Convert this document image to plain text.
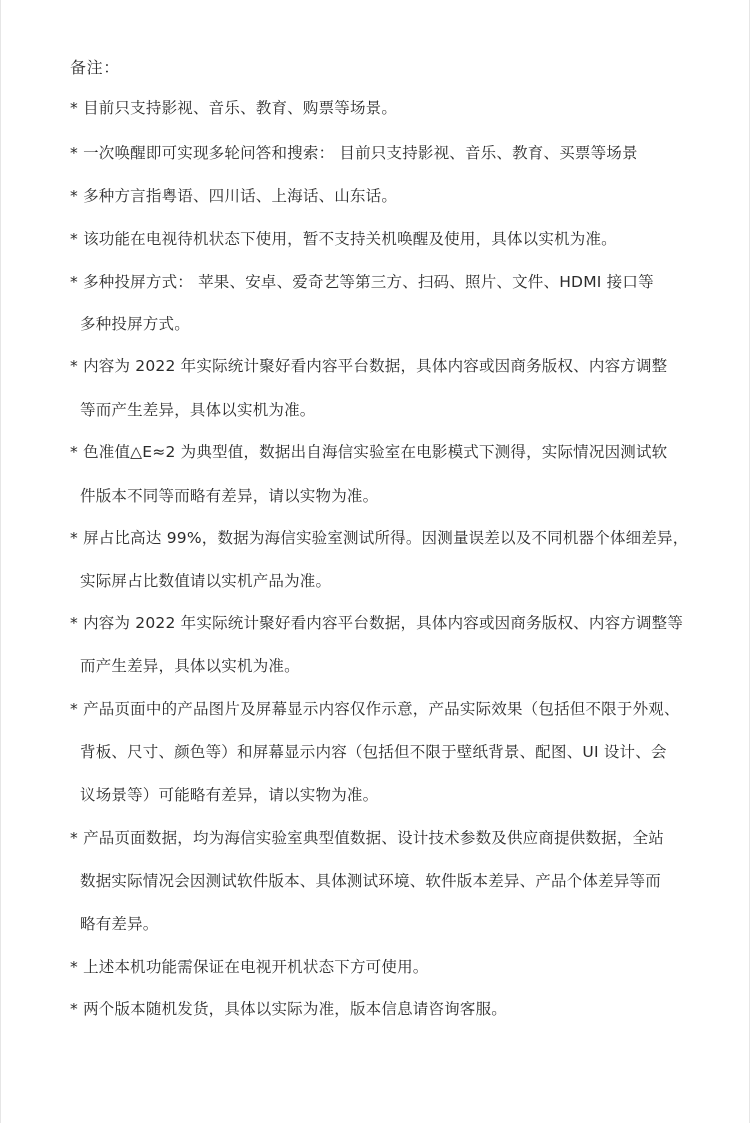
备注：
* 目前只支持影视、音乐、教育、购票等场景。
* 一次唤醒即可实现多轮问答和搜索： 目前只支持影视、音乐、教育、买票等场景
* 多种方言指粤语、四川话、上海话、山东话。
* 该功能在电视待机状态下使用，暂不支持关机唤醒及使用，具体以实机为准。
* 多种投屏方式： 苹果、安卓、爱奇艺等第三方、扫码、照片、文件、HDMI 接口等
多种投屏方式。
* 内容为 2022 年实际统计聚好看内容平台数据，具体内容或因商务版权、内容方调整
等而产生差异，具体以实机为准。
* 色准值△E≈2 为典型值，数据出自海信实验室在电影模式下测得，实际情况因测试软
件版本不同等而略有差异，请以实物为准。
* 屏占比高达 99%，数据为海信实验室测试所得。因测量误差以及不同机器个体细差异，
实际屏占比数值请以实机产品为准。
* 内容为 2022 年实际统计聚好看内容平台数据，具体内容或因商务版权、内容方调整等
而产生差异，具体以实机为准。
* 产品页面中的产品图片及屏幕显示内容仅作示意，产品实际效果（包括但不限于外观、
背板、尺寸、颜色等）和屏幕显示内容（包括但不限于壁纸背景、配图、UI 设计、会
议场景等）可能略有差异，请以实物为准。
* 产品页面数据，均为海信实验室典型值数据、设计技术参数及供应商提供数据，全站
数据实际情况会因测试软件版本、具体测试环境、软件版本差异、产品个体差异等而
略有差异。
* 上述本机功能需保证在电视开机状态下方可使用。
* 两个版本随机发货，具体以实际为准，版本信息请咨询客服。
